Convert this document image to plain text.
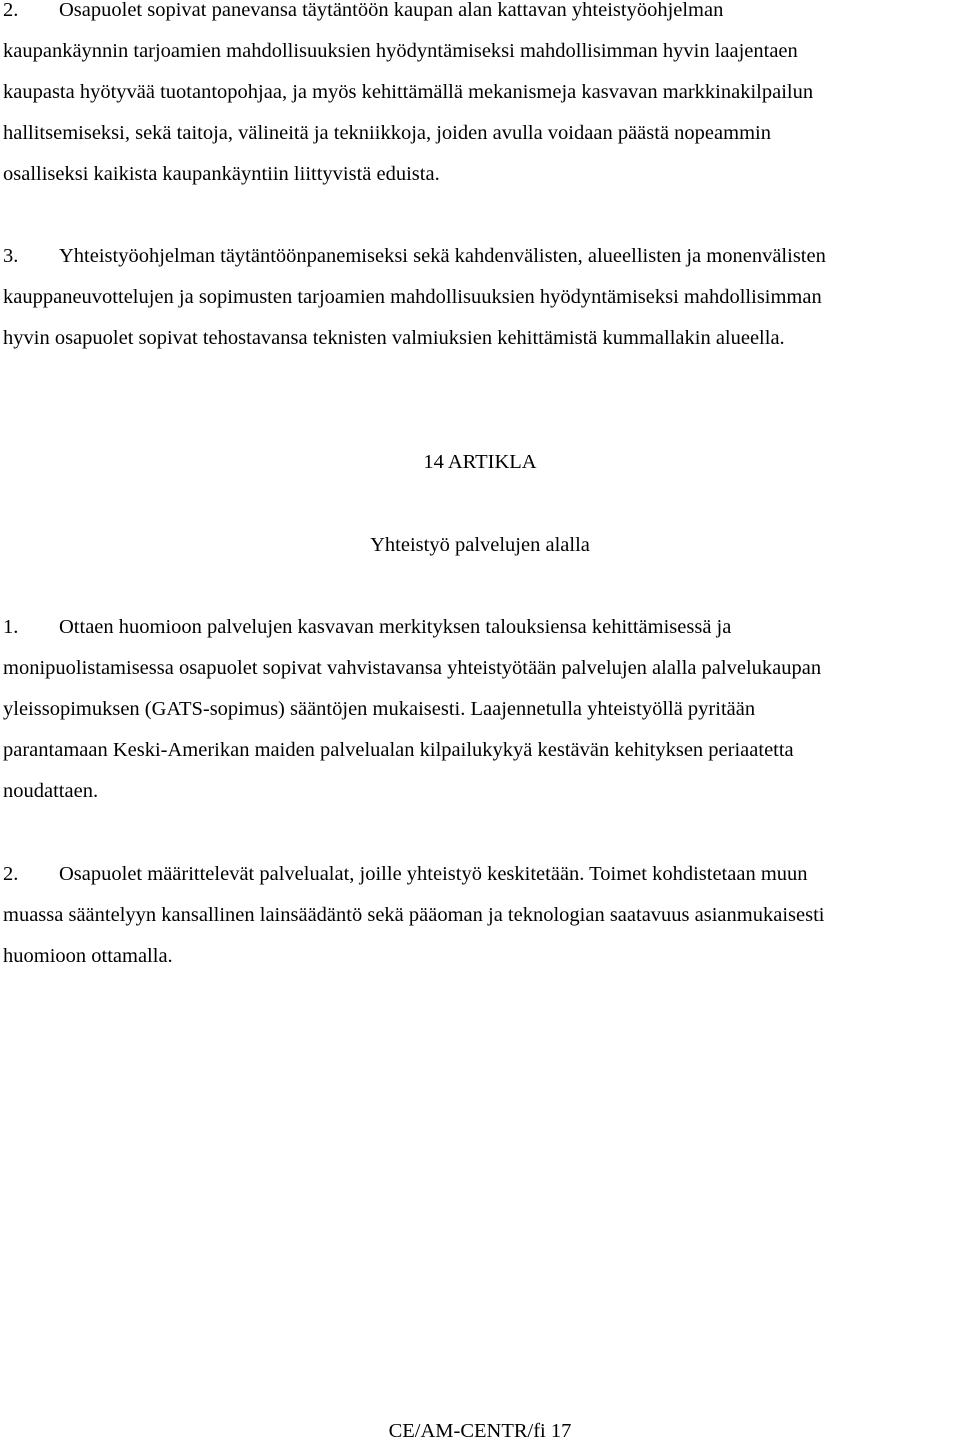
2. Osapuolet sopivat panevansa täytäntöön kaupan alan kattavan yhteistyöohjelman
kaupankäynnin tarjoamien mahdollisuuksien hyödyntämiseksi mahdollisimman hyvin laajentaen
kaupasta hyötyvää tuotantopohjaa, ja myös kehittämällä mekanismeja kasvavan markkinakilpailun
hallitsemiseksi, sekä taitoja, välineitä ja tekniikkoja, joiden avulla voidaan päästä nopeammin
osalliseksi kaikista kaupankäyntiin liittyvistä eduista.
3. Yhteistyöohjelman täytäntöönpanemiseksi sekä kahdenvälisten, alueellisten ja monenvälisten
kauppaneuvottelujen ja sopimusten tarjoamien mahdollisuuksien hyödyntämiseksi mahdollisimman
hyvin osapuolet sopivat tehostavansa teknisten valmiuksien kehittämistä kummallakin alueella.
14 ARTIKLA
Yhteistyö palvelujen alalla
1. Ottaen huomioon palvelujen kasvavan merkityksen talouksiensa kehittämisessä ja
monipuolistamisessa osapuolet sopivat vahvistavansa yhteistyötään palvelujen alalla palvelukaupan
yleissopimuksen (GATS-sopimus) sääntöjen mukaisesti. Laajennetulla yhteistyöllä pyritään
parantamaan Keski-Amerikan maiden palvelualan kilpailukykyä kestävän kehityksen periaatetta
noudattaen.
2. Osapuolet määrittelevät palvelualat, joille yhteistyö keskitetään. Toimet kohdistetaan muun
muassa sääntelyyn kansallinen lainsäädäntö sekä pääoman ja teknologian saatavuus asianmukaisesti
huomioon ottamalla.
CE/AM-CENTR/fi 17
